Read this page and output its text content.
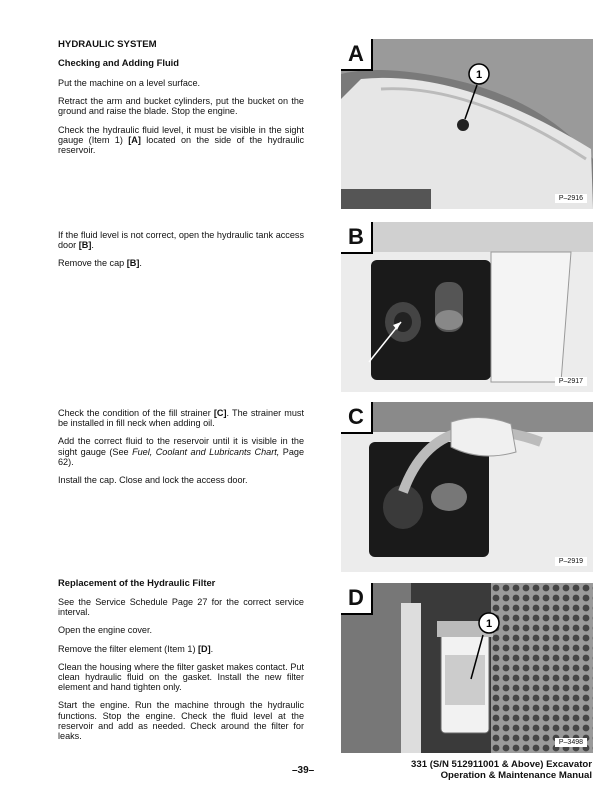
HYDRAULIC SYSTEM
Checking and Adding Fluid

Put the machine on a level surface.

Retract the arm and bucket cylinders, put the bucket on the ground and raise the blade. Stop the engine.

Check the hydraulic fluid level, it must be visible in the sight gauge (Item 1) [A] located on the side of the hydraulic reservoir.

If the fluid level is not correct, open the hydraulic tank access door [B].

Remove the cap [B].

Check the condition of the fill strainer [C]. The strainer must be installed in fill neck when adding oil.

Add the correct fluid to the reservoir until it is visible in the sight gauge (See Fuel, Coolant and Lubricants Chart, Page 62).

Install the cap. Close and lock the access door.

Replacement of the Hydraulic Filter

See the Service Schedule Page 27 for the correct service interval.

Open the engine cover.

Remove the filter element (Item 1) [D].

Clean the housing where the filter gasket makes contact. Put clean hydraulic fluid on the gasket. Install the new filter element and hand tighten only.

Start the engine. Run the machine through the hydraulic functions. Stop the engine. Check the fluid level at the reservoir and add as needed. Check around the filter for leaks.

1
A
P–2916
B
P–2917
C
P–2919
1
D
P–3498
–39–
331 (S/N 512911001 & Above) Excavator
Operation & Maintenance Manual
